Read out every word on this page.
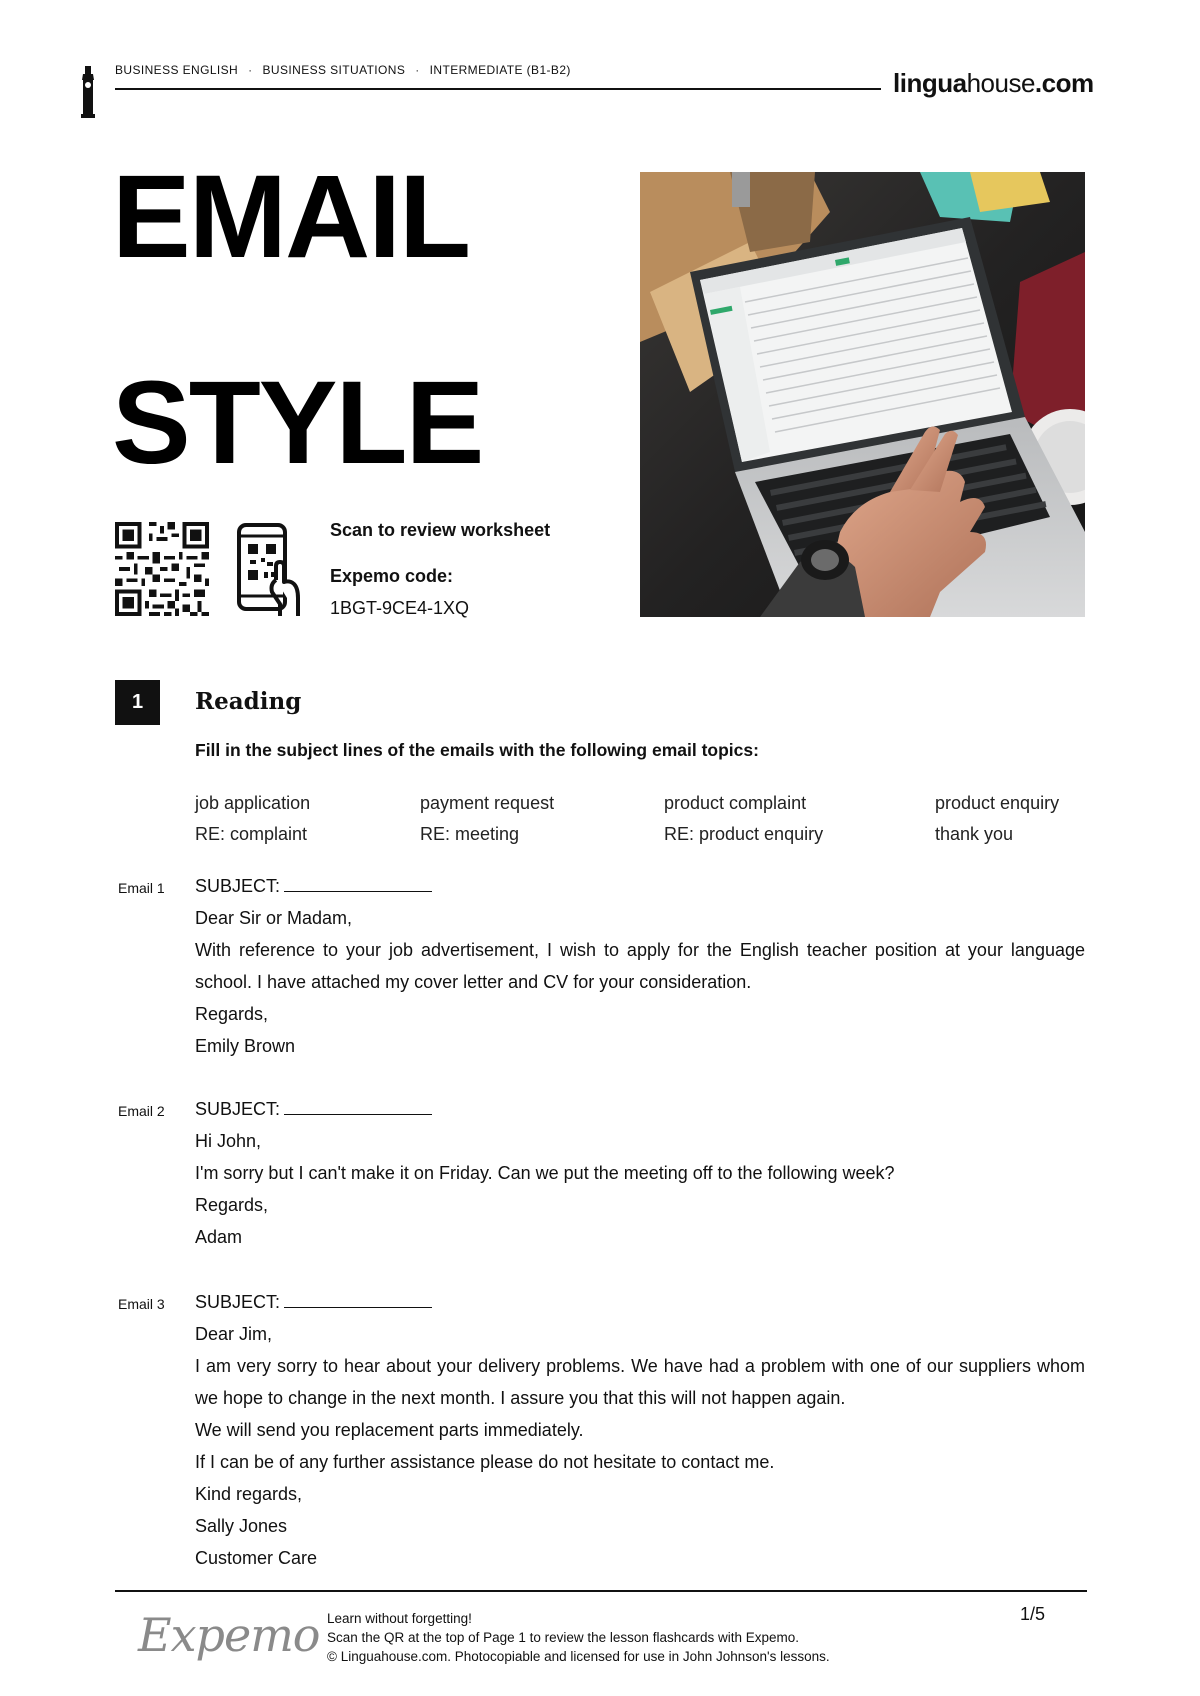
BUSINESS ENGLISH · BUSINESS SITUATIONS · INTERMEDIATE (B1-B2)	linguahouse.com
EMAIL
STYLE
Scan to review worksheet
Expemo code:
1BGT-9CE4-1XQ
1	Reading
Fill in the subject lines of the emails with the following email topics:
job application	payment request	product complaint	product enquiry
RE: complaint	RE: meeting	RE: product enquiry	thank you
Email 1 SUBJECT:
Dear Sir or Madam,
With reference to your job advertisement, I wish to apply for the English teacher position at your language school. I have attached my cover letter and CV for your consideration.
Regards,
Emily Brown
Email 2 SUBJECT:
Hi John,
I'm sorry but I can't make it on Friday. Can we put the meeting off to the following week?
Regards,
Adam
Email 3 SUBJECT:
Dear Jim,
I am very sorry to hear about your delivery problems. We have had a problem with one of our suppliers whom we hope to change in the next month. I assure you that this will not happen again.
We will send you replacement parts immediately.
If I can be of any further assistance please do not hesitate to contact me.
Kind regards,
Sally Jones
Customer Care
Expemo Learn without forgetting!
Scan the QR at the top of Page 1 to review the lesson flashcards with Expemo.
© Linguahouse.com. Photocopiable and licensed for use in John Johnson's lessons.
1/5
